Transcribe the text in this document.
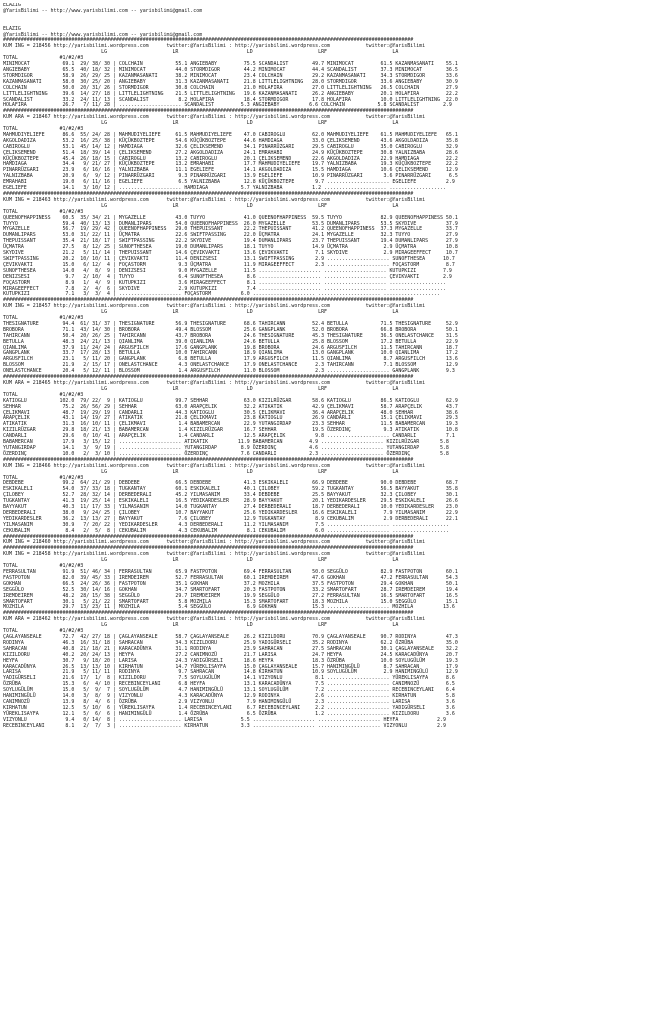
ELAZIG
@YarisBilimi -- http://www.yarisbilimi.com -- yarisbilimi@gmail.com

ELAZIG
@YarisBilimi -- http://www.yarisbilimi.com -- yarisbilimi@gmail.com
##########################################################################################################################################
KUM ING = 218456 http://yarisbilimi.wordpress.com      twitter:@YarisBilimi : http://yarisbilimi.wordpress.com            twitter:@YarisBilimi
LG                      LR                       LD                      LRF                      LA
TOTAL              #1/#2/#3
MINIMOCAT           69.1  29/ 38/ 30 | COLCHAIN           55.1 ANGIEBABY         75.5 SCANDALIST        49.7 MINIMOCAT         61.5 KAZANMASANATI    55.1
ANGIEBABY           65.5  40/ 18/ 32 | MINIMOCAT          44.0 STORMDIGOR        44.2 MINIMOCAT         44.4 SCANDALIST        37.3 MINIMOCAT        36.5
STORMDIGOR          58.9  26/ 29/ 25 | KAZANMASANATI      38.2 MINIMOCAT         23.4 COLCHAIN          29.2 KAZANMASANATI     34.3 STORMDIGOR       33.6
KAZANMASANATI       58.0  30/ 25/ 20 | ANGIEBABY          31.3 KAZANMASANATI     21.8 LITTLELIGHTNING   28.0 STORMDIGOR        33.6 ANGIEBABY        30.9
COLCHAIN            50.0  20/ 31/ 26 | STORMDIGOR         30.8 COLCHAIN          21.0 HOLAFIRA          27.0 LITTLELIGHTNING   26.5 COLCHAIN         27.9
LITTLELIGHTNING     39.6  14/ 27/ 18 | LITTLELIGHTNING    21.5 LITTLELIGHTNING   19.6 KAZANMASANATI     26.2 ANGIEBABY         20.1 HOLAFIRA         22.2
SCANDALIST          33.2  24/ 11/ 13 | SCANDALIST          8.2 HOLAFIRA          18.4 STORMDIGOR        17.8 HOLAFIRA          10.0 LITTLELIGHTNING  22.0
HOLAFIRA            26.7   7/ 11/ 28 | ..................... SCANDALIST         5.3 ANGIEBABY          6.6 COLCHAIN           5.8 SCANDALIST        2.9
##########################################################################################################################################
KUM ARA = 218467 http://yarisbilimi.wordpress.com      twitter:@YarisBilimi : http://yarisbilimi.wordpress.com            twitter:@YarisBilimi
LG                      LR                       LD                      LRF                      LA
TOTAL              #1/#2/#3
MAHMUDIYELIEFE      86.6  55/ 24/ 28 | MAHMUDIYELIEFE     61.5 MAHMUDIYELIEFE    47.0 CABIROGLU         62.0 MAHMUDIYELIEFE    61.5 MAHMUDIYELIEFE   65.1
AKGOLDADIZA         53.2  16/ 25/ 38 | KÜÇÜKBOZTEPE       54.6 KÜÇÜKBOZTEPE      44.6 HAMDIAGA          33.0 ÇELIKSEMEND       43.6 AKGOLDADIZA      35.8
CABIROGLU           53.1  45/ 14/ 12 | HAMDIAGA           32.6 ÇELIKSEMEND       34.1 PINARRÜZGARI      29.5 CABIROGLU         35.0 CABIROGLU        32.9
ÇELIKSEMEND         51.4  18/ 39/ 14 | ÇELIKSEMEND        27.2 AKGOLDADIZA       24.1 EMRAHABI          24.9 KÜÇÜKBOZTEPE      30.8 YALNIZBABA       28.6
KÜÇÜKBOZTEPE        45.4  26/ 18/ 15 | CABIROGLU          13.2 CABIROGLU         20.1 ÇELIKSEMEND       22.6 AKGOLDADIZA       22.9 HAMDIAGA         22.2
HAMDIAGA            34.4   9/ 21/ 27 | KÜÇÜKBOZTEPE       13.2 EMRAHABI          17.7 MAHMUDIYELIEFE    19.7 YALNIZBABA        19.3 KÜÇÜKBOZTEPE     22.2
PINARRÜZGARI        23.9   6/ 16/ 16 | YALNIZBABA         11.1 EGELIEFE          14.1 AKGOLDADIZA       15.5 HAMDIAGA          10.6 ÇELIKSEMEND      12.9
YALNIZBABA          20.9   6/  9/ 12 | PINARRÜZGARI        9.3 PINARRÜZGARI      13.9 EGELIEFE          10.9 PINARRÜZGARI       3.6 PINARRÜZGARI      6.5
EMRAHABI            19.0   6/ 11/ 16 | EGELIEFE            6.5 YALNIZBABA        12.8 KÜÇÜKBOZTEPE       9.7 ..................... EGELIEFE          2.9
EGELIEFE            14.1   3/ 10/ 12 | ..................... HAMDIAGA           5.7 YALNIZBABA          1.2 ..................... ...................
##########################################################################################################################################
KUM ING = 218463 http://yarisbilimi.wordpress.com      twitter:@YarisBilimi : http://yarisbilimi.wordpress.com            twitter:@YarisBilimi
LG                      LR                       LD                      LRF                      LA
TOTAL              #1/#2/#3
QUEENOFHAPPINESS    60.5  35/ 34/ 21 | MYGAZELLE          43.0 TUYYO             41.0 QUEENOFHAPPINESS  59.5 TUYYO             82.9 QUEENOFHAPPINESS 50.1
TUYYO               59.4  40/ 13/ 13 | DUMANLIPARS        54.0 QUEENOFHAPPINESS  26.0 MYGAZELLE         53.5 DUMANLIPARS       53.5 SKYDIVE          37.9
MYGAZELLE           56.7  19/ 29/ 42 | QUEENOFHAPPINESS   29.0 THEPUISSANT       22.2 THEPUISSANT       41.2 QUEENOFHAPPINESS  37.3 MYGAZELLE        33.7
DUMANLIPARS         53.0  31/ 22/ 11 | ÜÇMATRA            22.6 SWIFTPASSING      22.0 ÜÇMATRA           24.1 MYGAZELLE         32.3 TUYYO            27.9
THEPUISSANT         35.4  21/ 18/ 17 | SWIFTPASSING       22.2 SKYDIVE           19.4 DUMANLIPARS       23.7 THEPUISSANT       19.4 DUMANLIPARS      27.9
ÜÇMATRA             27.5   8/ 12/ 25 | SUNOFTHESEA        19.0 DUMANLIPARS       18.1 TUYYO             14.9 ÜÇMATRA            2.9 ÜÇMATRA          10.8
SKYDIVE             21.2   5/ 11/ 14 | THEPUISSANT        14.6 ÇEVIKVAKTI        13.6 ÇEVIKVAKTI         7.1 SKYDIVE            2.9 MIRAGEEFFECT     10.7
SWIFTPASSING        20.2  10/ 10/ 11 | ÇEVIKVAKTI         11.4 DENIZSESI         13.1 SWIFTPASSING       2.9 ..................... SUNOFTHESEA      10.7
ÇEVIKVAKTI          15.0   6/ 12/  4 | FOÇASTORM           9.3 ÜÇMATRA           11.9 MIRAGEEFFECT       2.3 ..................... FOÇASTORM         8.7
SUNOFTHESEA         14.0   4/  8/  9 | DENIZSESI           9.0 MYGAZELLE         11.5 ..................... ..................... KUTUPKIZI         7.9
DENIZSESI            9.7   2/ 10/  4 | TUYYO               6.4 SUNOFTHESEA        8.6 ..................... ..................... ÇEVIKVAKTI        2.9
FOÇASTORM            8.9   1/  4/  9 | KUTUPKIZI           3.6 MIRAGEEFFECT       8.1 ..................... ..................... ...................
MIRAGEEFFECT         7.8   2/  4/  6 | SKYDIVE             2.9 KUTUPKIZI          7.4 ..................... ..................... ...................
KUTUPKIZI            7.1   3/  3/  4 | ..................... FOÇASTORM          6.0 ..................... ..................... ...................
##########################################################################################################################################
KUM ING = 218457 http://yarisbilimi.wordpress.com      twitter:@YarisBilimi : http://yarisbilimi.wordpress.com            twitter:@YarisBilimi
LG                      LR                       LD                      LRF                      LA
TOTAL              #1/#2/#3
THESIGNATURE        94.4  61/ 31/ 37 | THESIGNATURE       56.9 THESIGNATURE      68.6 TAHIRCANN         52.4 BETULLA           71.5 THESIGNATURE     52.9
BROBORA             71.1  43/ 14/ 30 | BROBORA            49.4 BLOSSOM           25.6 GANGPLANK         52.0 BROBORA           66.8 BROBORA          50.1
TAHIRCANN           50.4  20/ 26/ 25 | TAHIRCANN          43.7 BROBORA           24.6 THESIGNATURE      45.3 THESIGNATURE      36.5 ONELASTCHANCE    31.5
BETULLA             48.3  24/ 21/ 13 | QIANLIMA           39.0 QIANLIMA          24.6 BETULLA           25.8 BLOSSOM           17.2 BETULLA          22.9
QIANLIMA            37.9  11/ 24/ 24 | ARGUSFILCH         17.6 GANGPLANK         19.8 BROBORA           24.6 ARGUSFILCH        11.5 TAHIRCANN        18.7
GANGPLANK           33.7  17/ 28/ 13 | BETULLA            10.0 TAHIRCANN         18.9 QIANLIMA          13.0 GANGPLANK         10.0 QIANLIMA         17.2
ARGUSFILCH          23.1   5/ 11/ 20 | GANGPLANK           6.8 BETULLA           17.9 ARGUSFILCH        11.5 QIANLIMA           8.7 ARGUSFILCH       13.6
BLOSSOM             21.9   2/ 15/ 17 | ONELASTCHANCE       4.3 ONELASTCHANCE     17.9 ONELASTCHANCE      2.3 TAHIRCANN          7.1 BLOSSOM          12.9
ONELASTCHANCE       20.4   5/ 12/ 11 | BLOSSOM             1.4 ARGUSFILCH        11.0 BLOSSOM            2.3 ..................... GANGPLANK         9.3
##########################################################################################################################################
KUM ARA = 218465 http://yarisbilimi.wordpress.com      twitter:@YarisBilimi : http://yarisbilimi.wordpress.com            twitter:@YarisBilimi
LG                      LR                       LD                      LRF                      LA
TOTAL              #1/#2/#3
KATIOGLU           102.0  79/ 22/  9 | KATIOGLU           99.7 SEHHAR            63.0 KIZILRÜZGAR       58.6 KATIOGLU          86.5 KATIOGLU         62.9
SEHHAR              75.2  26/ 56/ 29 | SEHHAR             63.0 ARAPÇELIK         32.2 ATIKATIK          42.9 ÇELIKMAVI         58.7 ARAPÇELIK        43.7
ÇELIKMAVI           48.7  19/ 29/ 19 | CANDARLI           44.3 KATIOGLU          30.5 ÇELIKMAVI         36.4 ARAPÇELIK         48.0 SEHHAR           38.6
ARAPÇELIK           43.1  14/ 19/ 27 | ATIKATIK           21.8 ÇELIKMAVI         23.8 KATIOGLU          26.9 CANDARLI          15.1 ÇELIKMAVI        29.3
ATIKATIK            31.3  16/ 10/ 11 | ÇELIKMAVI           1.4 BABAMERCAN        22.9 YUTANGIRDAP       23.3 SEHHAR            11.5 BABAMERCAN       19.3
KIZILRÜZGAR         29.8  18/ 21/ 13 | BABAMERCAN          1.4 KIZILRÜZGAR       16.7 SEHHAR            19.5 ÖZERDINÇ           9.3 ATIKATIK         10.8
CANDARLI            29.6   0/ 10/ 41 | ARAPÇELIK           1.4 CANDARLI          12.5 ARAPÇELIK          9.8 ..................... CANDARLI          7.1
BABAMERCAN          17.9   3/ 15/ 12 | ..................... ATIKATIK          11.9 BABAMERCAN         4.9 ..................... KIZILRÜZGAR       5.8
YUTANGIRDAP         14.1   3/  9/ 19 | ..................... YUTANGIRDAP        8.9 ÖZERDINÇ           4.6 ..................... YUTANGIRDAP       5.8
ÖZERDINÇ            10.0   2/  3/ 10 | ..................... ÖZERDINÇ           7.6 CANDARLI           2.3 ..................... ÖZERDINÇ          5.8
##########################################################################################################################################
KUM ING = 218466 http://yarisbilimi.wordpress.com      twitter:@YarisBilimi : http://yarisbilimi.wordpress.com            twitter:@YarisBilimi
LG                      LR                       LD                      LRF                      LA
TOTAL              #1/#2/#3
DEBDEBE             99.2  64/ 21/ 29 | DEBDEBE            66.5 DEBDEBE           41.3 ESKIKALELI        66.9 DEBDEBE           90.0 DEBDEBE          68.7
ESKIKALELI          54.0  37/ 33/ 18 | TUGKANTAY          60.1 ESKIKALELI        40.1 ÇILOBEY           59.2 TUGKANTAY         56.5 BAYYAKUT         35.8
ÇILOBEY             52.7  28/ 32/ 14 | DERBEDERALI        45.2 YILMASANIM        33.4 DEBDEBE           25.5 BAYYAKUT          32.3 ÇILOBEY          30.1
TUGKANTAY           41.3  19/ 25/ 14 | ESKIKALELI         16.5 YEDIKARDESLER     28.9 BAYYAKUT          20.1 YEDIKARDESLER     29.5 ESKIKALELI       26.6
BAYYAKUT            40.3  11/ 17/ 33 | YILMASANIM         14.0 TUGKANTAY         27.4 DERBEDERALI       18.7 DERBEDERALI       10.0 YEDIKARDESLER    23.0
DERBEDERALI         38.0   9/ 24/ 25 | ÇILOBEY            10.7 BAYYAKUT          25.6 YEDIKARDESLER     16.6 ESKIKALELI         7.9 YILMASANIM       22.9
YEDIKARDESLER       36.2  13/ 13/ 27 | BAYYAKUT            7.6 ÇILOBEY           12.9 TUGKANTAY          8.9 CEKUBALIM          2.9 DERBEDERALI      22.1
YILMASANIM          30.9   7/ 20/ 22 | YEDIKARDESLER       4.3 DERBEDERALI       11.2 YILMASANIM         7.5 ..................... ...................
CEKUBALIM            8.4   2/  5/  8 | CEKUBALIM           4.3 CEKUBALIM          8.1 CEKUBALIM          6.0 ..................... ...................
##########################################################################################################################################
KUM ING = 218460 http://yarisbilimi.wordpress.com      twitter:@YarisBilimi : http://yarisbilimi.wordpress.com            twitter:@YarisBilimi
##########################################################################################################################################
KUM ING = 218458 http://yarisbilimi.wordpress.com      twitter:@YarisBilimi : http://yarisbilimi.wordpress.com            twitter:@YarisBilimi
LG                      LR                       LD                      LRF                      LA
TOTAL              #1/#2/#3
FERRASULTAN         91.9  51/ 46/ 34 | FERRASULTAN        65.9 FASTPOTON         69.4 FERRASULTAN       50.0 SEGGÜLO           82.9 FASTPOTON        60.1
FASTPOTON           82.0  39/ 45/ 33 | IREMDEIREM         52.7 FERRASULTAN       60.1 IREMDEIREM        47.6 GOKHAN            47.2 FERRASULTAN      54.3
GOKHAN              66.5  24/ 26/ 36 | FASTPOTON          35.1 GOKHAN            37.2 MOZHILA           37.5 FASTPOTON         29.4 GOKHAN           50.1
SEGGÜLO             52.5  30/ 14/ 16 | GOKHAN             34.7 SMARTOFART        20.3 FASTPOTON         33.2 SMARTOFART        28.7 IREMDEIREM       19.4
IREMDEIREM          48.2  28/ 15/ 38 | SEGGÜLO            29.7 IREMDEIREM        19.9 SEGGÜLO           27.2 FERRASULTAN       16.5 SMARTOFART       16.5
SMARTOFART          30.1   5/ 21/ 22 | SMARTOFART          5.8 MOZHILA           15.3 SMARTOFART        18.3 MOZHILA           15.0 SEGGÜLO          15.1
MOZHILA             29.7  13/ 23/ 11 | MOZHILA             5.4 SEGGÜLO            6.9 GOKHAN            15.3 ..................... MOZHILA          13.6
##########################################################################################################################################
KUM ARA = 218462 http://yarisbilimi.wordpress.com      twitter:@YarisBilimi : http://yarisbilimi.wordpress.com            twitter:@YarisBilimi
LG                      LR                       LD                      LRF                      LA
TOTAL              #1/#2/#3
ÇAGLAYANSEALE       72.7  42/ 27/ 18 | ÇAGLAYANSEALE      58.7 ÇAGLAYANSEALE     26.2 KIZILDORU         70.9 ÇAGLAYANSEALE     90.7 RODINYA          47.3
RODINYA             46.3  16/ 31/ 18 | SAHRACAN           34.3 KIZILDORU         25.9 YADIGÜRSELI       35.2 RODINYA           62.2 ÖZRÜBA           35.0
SAHRACAN            40.8  21/ 18/ 21 | KARACADÜNYA        31.1 RODINYA           23.9 SAHRACAN          27.5 SAHRACAN          30.1 ÇAGLAYANSEALE    32.2
KIZILDORU           40.2  20/ 24/ 13 | HEYFA              27.2 CANIMNOZÜ         21.7 LARISA            24.7 HEYFA             24.5 KARACADÜNYA      20.7
HEYFA               30.7   9/ 18/ 20 | LARISA             24.3 YADIGÜRSELI       18.6 HEYFA             18.3 ÖZRÜBA            10.0 SOYLUGÜLÜM       19.3
KARACADÜNYA         26.5  13/ 13/ 10 | KIRHATUN           14.7 YÜREKLISAYFA      15.0 ÇAGLAYANSEALE     15.7 HANIMINGÜLÜ        8.7 SAHRACAN         17.9
LARISA              21.9   5/ 11/ 11 | RODINYA             9.7 SAHRACAN          14.8 KIRHATUN          10.9 SOYLUGÜLÜM         2.9 HANIMINGÜLÜ      12.9
YADIGÜRSELI         21.6  17/  1/  8 | KIZILDORU           7.5 SOYLUGÜLÜM        14.1 VIZYONLU           8.1 ..................... YÜREKLISAYFA      8.6
ÖZRÜBA              15.3   6/  4/ 10 | RECEBINCEYLANI      6.8 HEYFA             13.1 KARACADÜNYA        7.5 ..................... CANIMNOZÜ         6.5
SOYLUGÜLÜM          15.0   5/  9/  7 | SOYLUGÜLÜM          4.7 HANIMINGÜLÜ       13.1 SOYLUGÜLÜM         7.2 ..................... RECEBINCEYLANI    6.4
HANIMINGÜLÜ         14.0   3/  8/  9 | VIZYONLU            4.3 KARACADÜNYA       12.9 RODINYA            2.6 ..................... KIRHATUN          5.8
CANIMNOZÜ           13.9   8/  4/  6 | ÖZRÜBA              2.9 VIZYONLU           7.9 HANIMINGÜLÜ        2.3 ..................... LARISA            3.6
KIRHATUN            12.5   5/ 10/  6 | YÜREKLISAYFA        1.4 RECEBINCEYLANI     6.7 RECEBINCEYLANI     2.2 ..................... YADIGÜRSELI       3.6
YÜREKLISAYFA        12.1   5/  6/  6 | HANIMINGÜLÜ         1.4 ÖZRÜBA             6.5 ÖZRÜBA             1.2 ..................... KIZILDORU         3.6
VIZYONLU             9.4   0/ 14/  8 | ..................... LARISA             5.5 ..................... ..................... HEYFA             2.9
RECEBINCEYLANI       8.1   2/  7/  3 | ..................... KIRHATUN           3.3 ..................... ..................... VIZYONLU          2.9
